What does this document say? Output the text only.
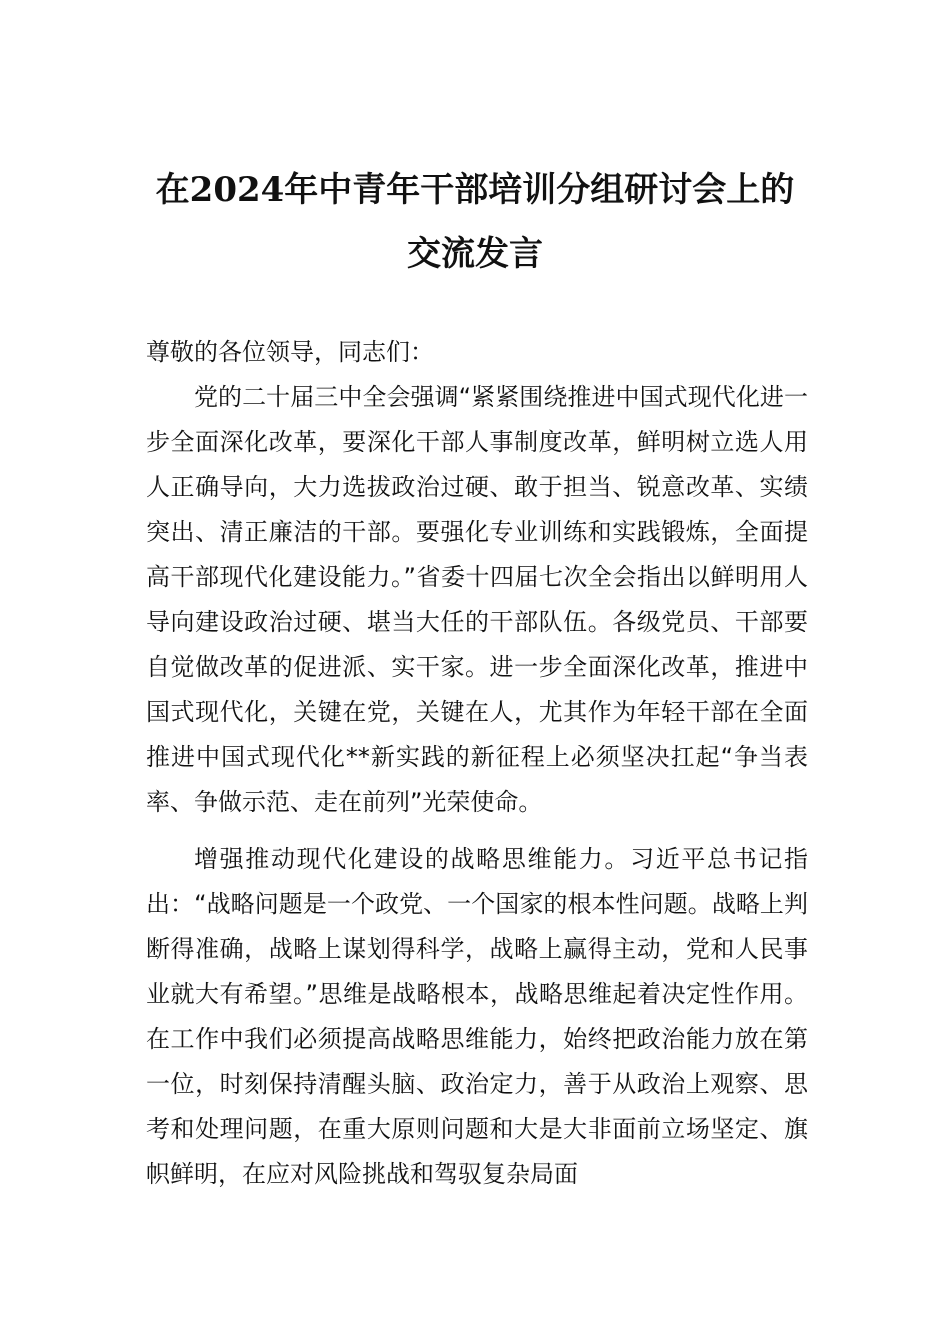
在2024年中青年干部培训分组研讨会上的
交流发言

尊敬的各位领导，同志们：

党的二十届三中全会强调“紧紧围绕推进中国式现代化进一步全面深化改革，要深化干部人事制度改革，鲜明树立选人用人正确导向，大力选拔政治过硬、敢于担当、锐意改革、实绩突出、清正廉洁的干部。要强化专业训练和实践锻炼，全面提高干部现代化建设能力。”省委十四届七次全会指出以鲜明用人导向建设政治过硬、堪当大任的干部队伍。各级党员、干部要自觉做改革的促进派、实干家。进一步全面深化改革，推进中国式现代化，关键在党，关键在人，尤其作为年轻干部在全面推进中国式现代化**新实践的新征程上必须坚决扛起“争当表率、争做示范、走在前列”光荣使命。

增强推动现代化建设的战略思维能力。习近平总书记指出：“战略问题是一个政党、一个国家的根本性问题。战略上判断得准确，战略上谋划得科学，战略上赢得主动，党和人民事业就大有希望。”思维是战略根本，战略思维起着决定性作用。在工作中我们必须提高战略思维能力，始终把政治能力放在第一位，时刻保持清醒头脑、政治定力，善于从政治上观察、思考和处理问题，在重大原则问题和大是大非面前立场坚定、旗帜鲜明，在应对风险挑战和驾驭复杂局面
